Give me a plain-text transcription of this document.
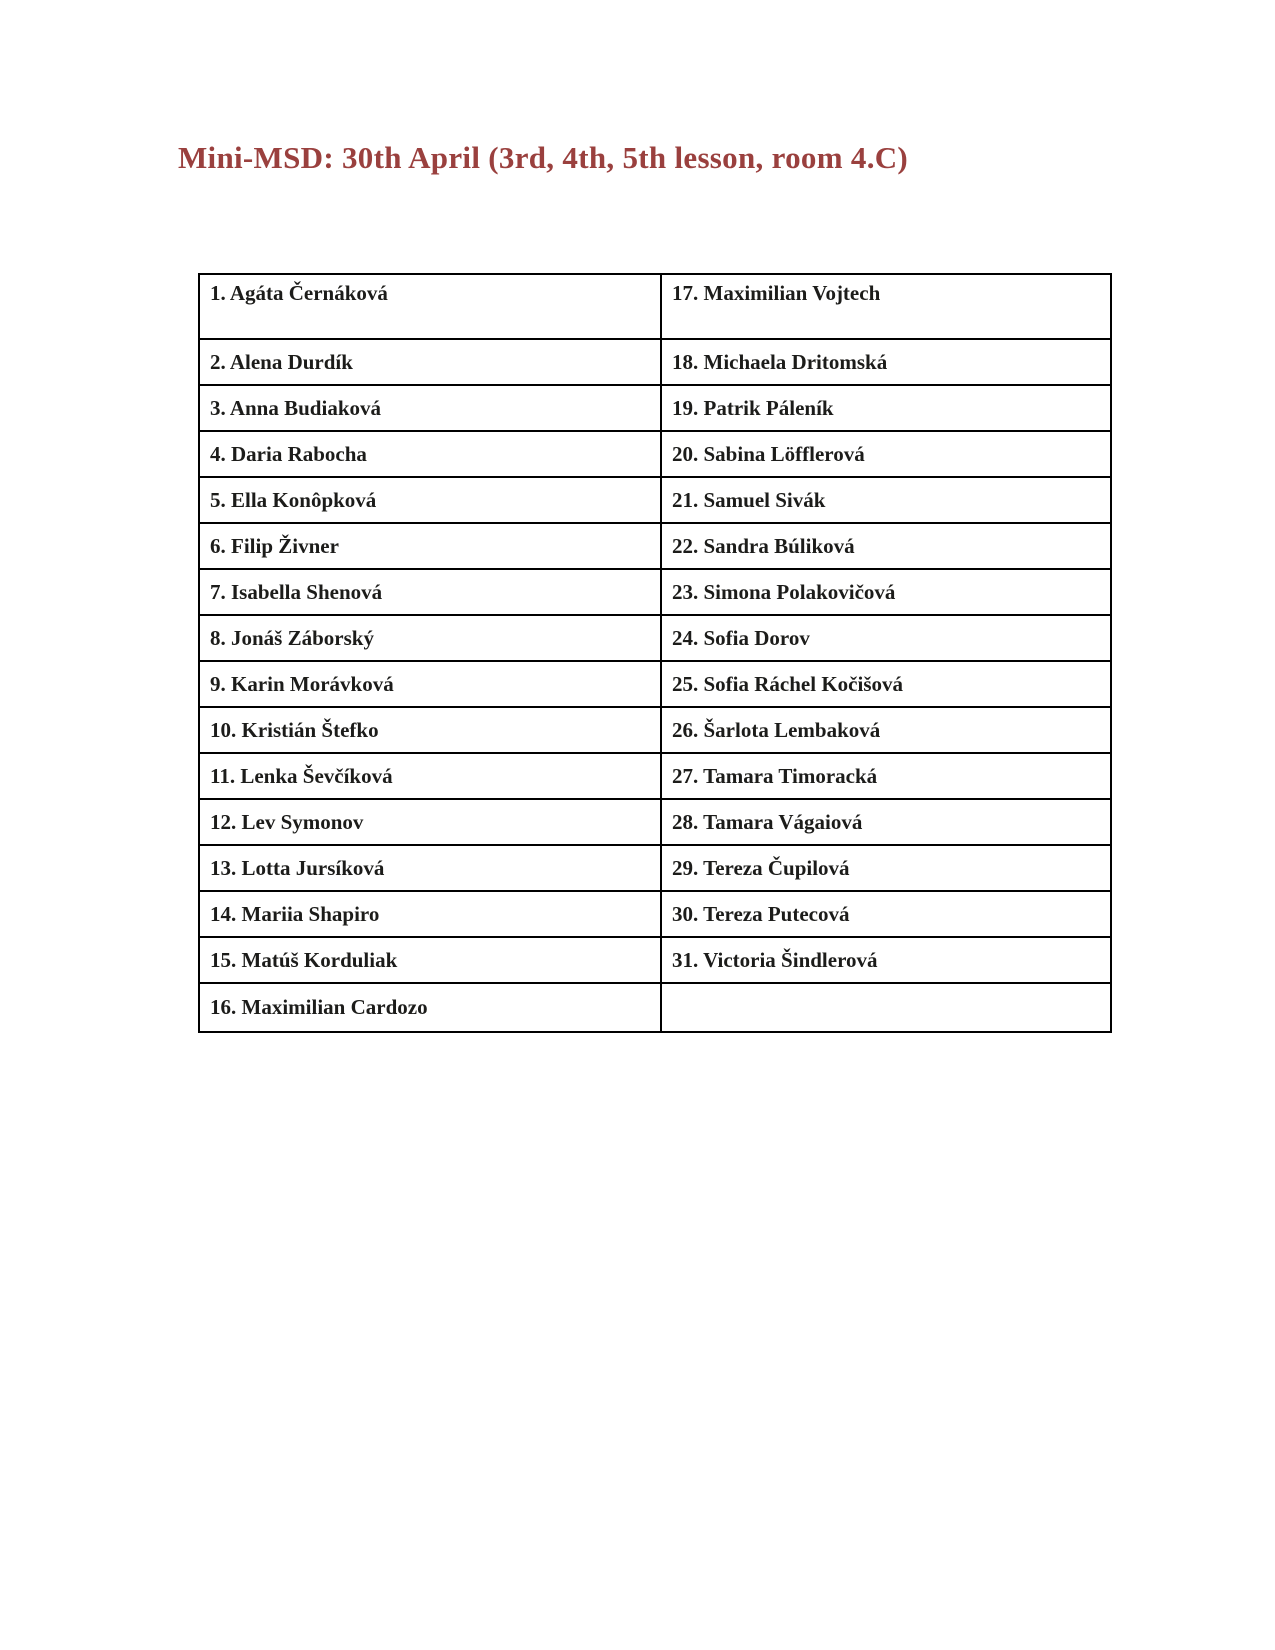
Mini-MSD: 30th April (3rd, 4th, 5th lesson, room 4.C)
1. Agáta Černáková	17. Maximilian Vojtech
2. Alena Durdík	18. Michaela Dritomská
3. Anna Budiaková	19. Patrik Páleník
4. Daria Rabocha	20. Sabina Löfflerová
5. Ella Konôpková	21. Samuel Sivák
6. Filip Živner	22. Sandra Búliková
7. Isabella Shenová	23. Simona Polakovičová
8. Jonáš Záborský	24. Sofia Dorov
9. Karin Morávková	25. Sofia Ráchel Kočišová
10. Kristián Štefko	26. Šarlota Lembaková
11. Lenka Ševčíková	27. Tamara Timoracká
12. Lev Symonov	28. Tamara Vágaiová
13. Lotta Jursíková	29. Tereza Čupilová
14. Mariia Shapiro	30. Tereza Putecová
15. Matúš Korduliak	31. Victoria Šindlerová
16. Maximilian Cardozo	
